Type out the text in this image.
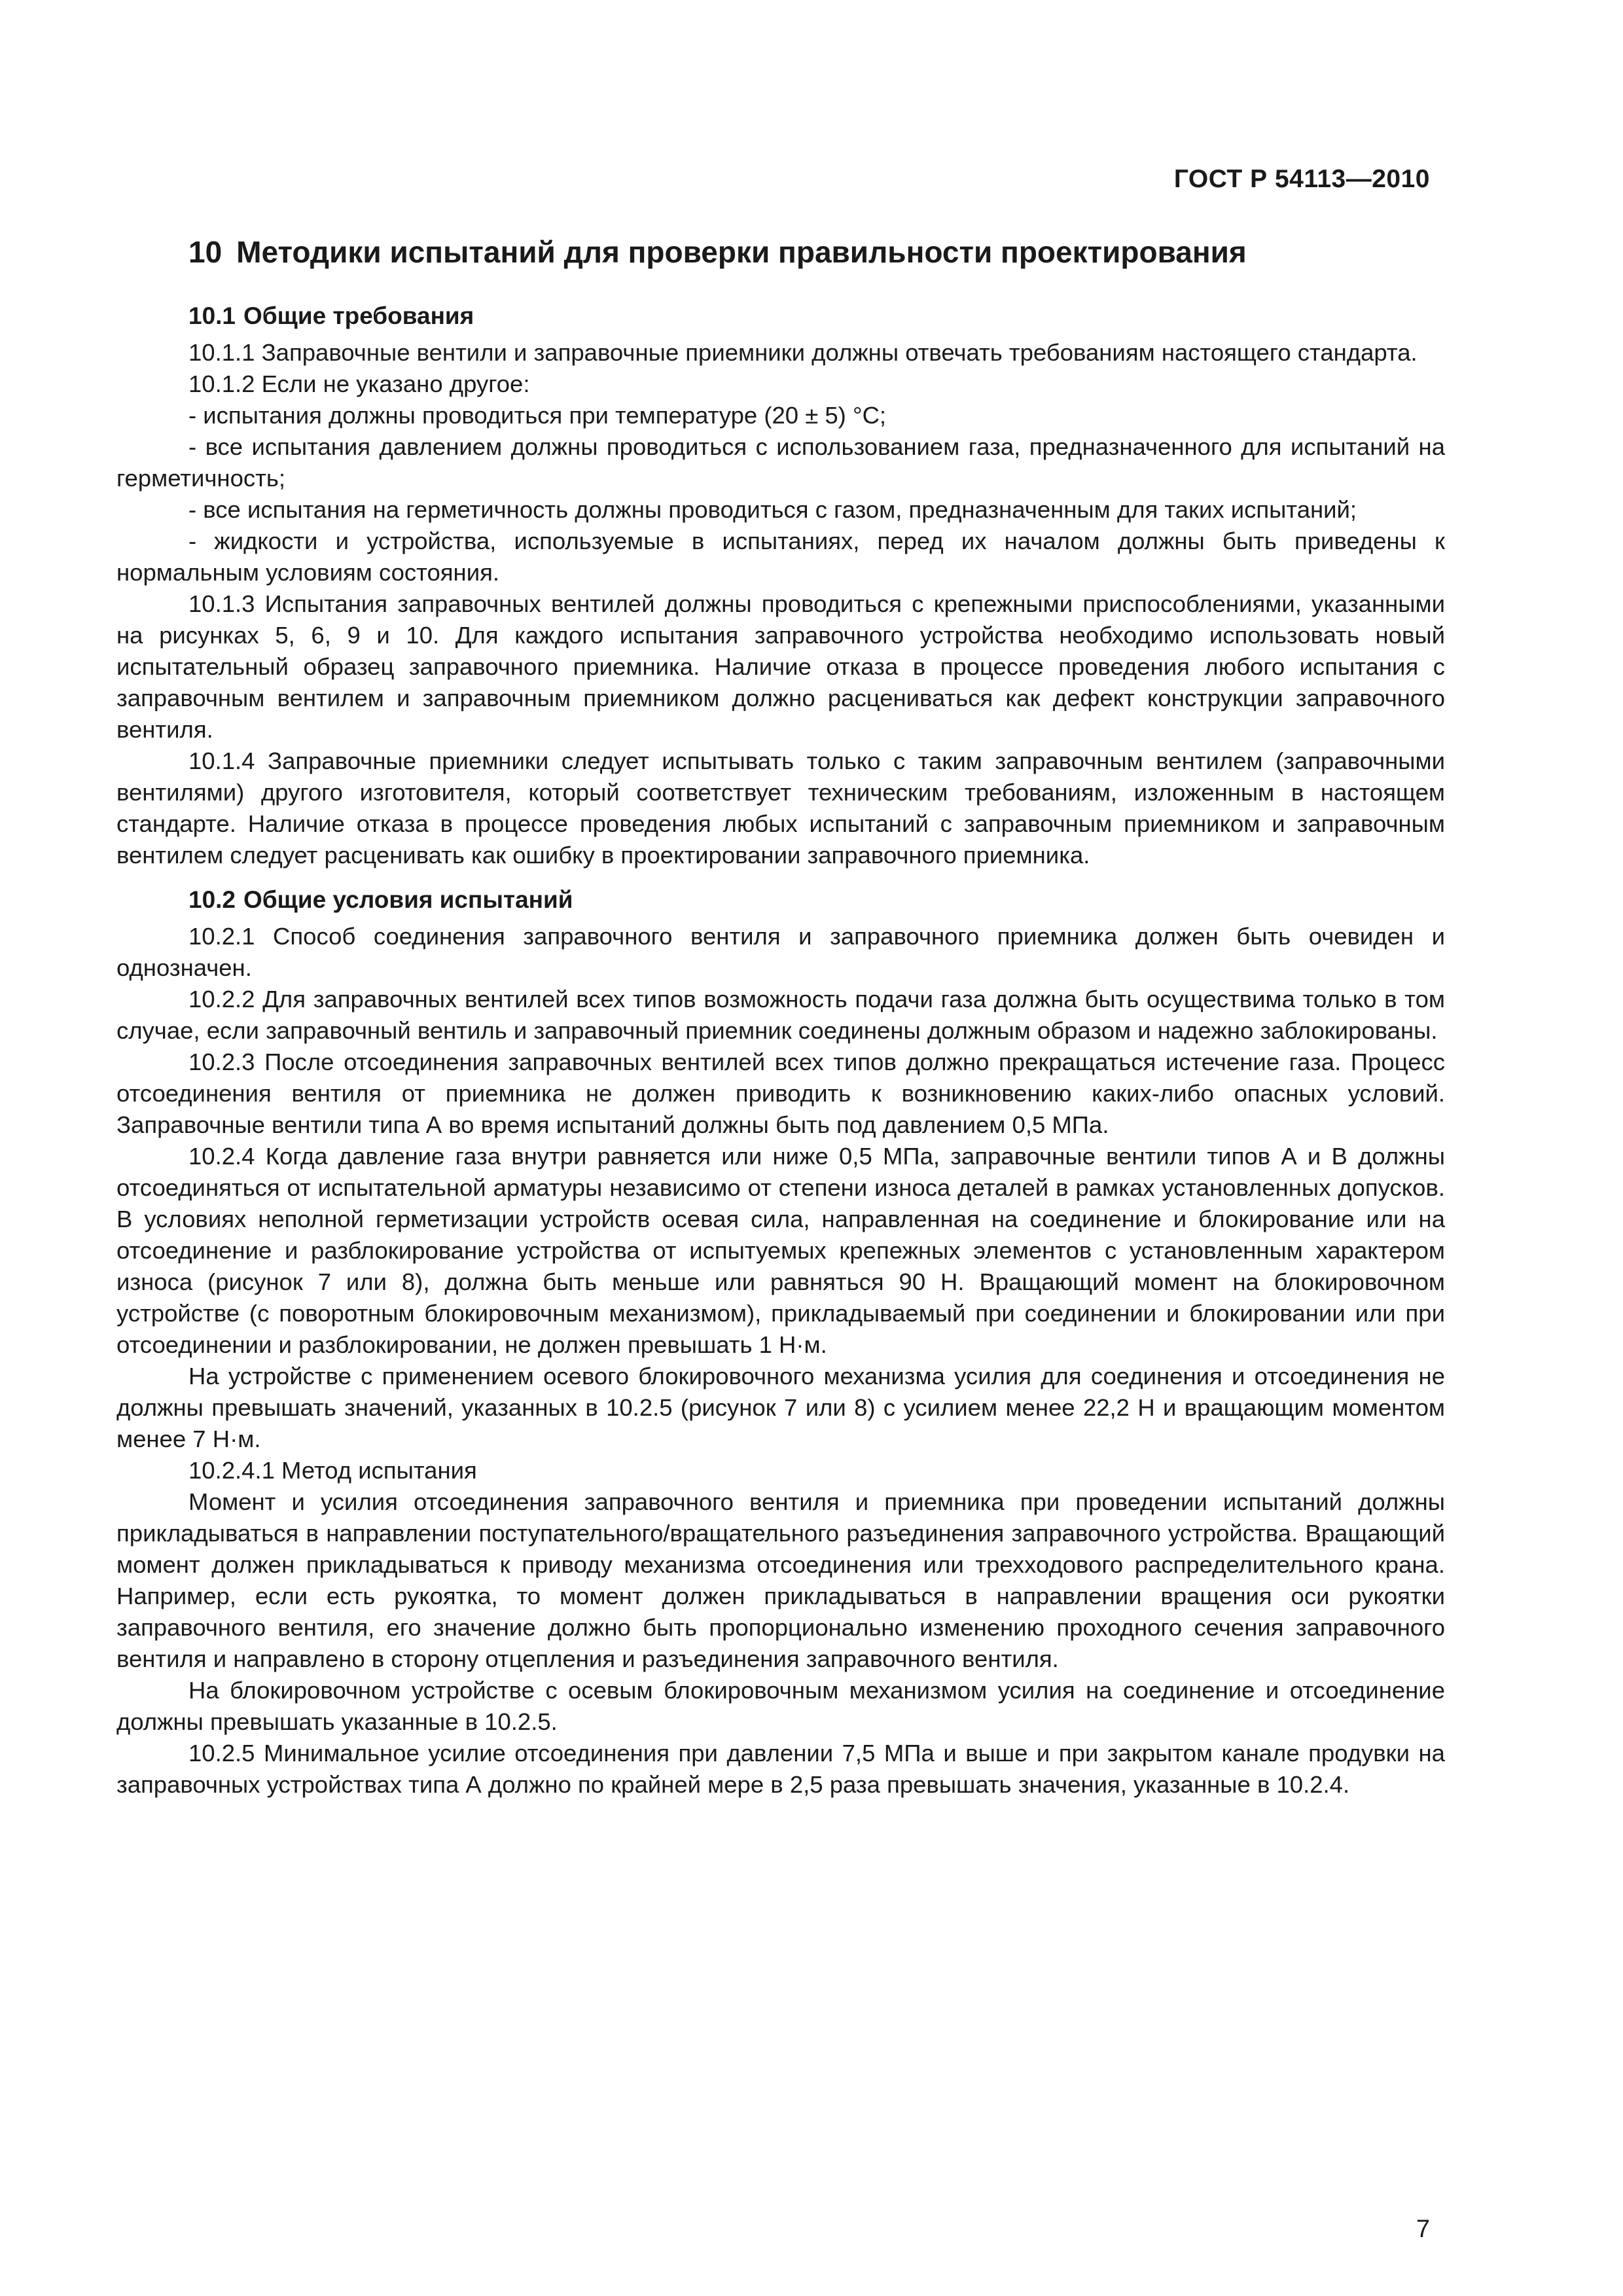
ГОСТ Р 54113—2010
10 Методики испытаний для проверки правильности проектирования
10.1 Общие требования

10.1.1 Заправочные вентили и заправочные приемники должны отвечать требованиям настоящего стандарта.

10.1.2 Если не указано другое:

- испытания должны проводиться при температуре (20 ± 5) °C;

- все испытания давлением должны проводиться с использованием газа, предназначенного для испытаний на герметичность;

- все испытания на герметичность должны проводиться с газом, предназначенным для таких испытаний;

- жидкости и устройства, используемые в испытаниях, перед их началом должны быть приведены к нормальным условиям состояния.

10.1.3 Испытания заправочных вентилей должны проводиться с крепежными приспособлениями, указанными на рисунках 5, 6, 9 и 10. Для каждого испытания заправочного устройства необходимо использовать новый испытательный образец заправочного приемника. Наличие отказа в процессе проведения любого испытания с заправочным вентилем и заправочным приемником должно расцениваться как дефект конструкции заправочного вентиля.

10.1.4 Заправочные приемники следует испытывать только с таким заправочным вентилем (заправочными вентилями) другого изготовителя, который соответствует техническим требованиям, изложенным в настоящем стандарте. Наличие отказа в процессе проведения любых испытаний с заправочным приемником и заправочным вентилем следует расценивать как ошибку в проектировании заправочного приемника.

10.2 Общие условия испытаний

10.2.1 Способ соединения заправочного вентиля и заправочного приемника должен быть очевиден и однозначен.

10.2.2 Для заправочных вентилей всех типов возможность подачи газа должна быть осуществима только в том случае, если заправочный вентиль и заправочный приемник соединены должным образом и надежно заблокированы.

10.2.3 После отсоединения заправочных вентилей всех типов должно прекращаться истечение газа. Процесс отсоединения вентиля от приемника не должен приводить к возникновению каких-либо опасных условий. Заправочные вентили типа А во время испытаний должны быть под давлением 0,5 МПа.

10.2.4 Когда давление газа внутри равняется или ниже 0,5 МПа, заправочные вентили типов А и В должны отсоединяться от испытательной арматуры независимо от степени износа деталей в рамках установленных допусков. В условиях неполной герметизации устройств осевая сила, направленная на соединение и блокирование или на отсоединение и разблокирование устройства от испытуемых крепежных элементов с установленным характером износа (рисунок 7 или 8), должна быть меньше или равняться 90 Н. Вращающий момент на блокировочном устройстве (с поворотным блокировочным механизмом), прикладываемый при соединении и блокировании или при отсоединении и разблокировании, не должен превышать 1 Н·м.

На устройстве с применением осевого блокировочного механизма усилия для соединения и отсоединения не должны превышать значений, указанных в 10.2.5 (рисунок 7 или 8) с усилием менее 22,2 Н и вращающим моментом менее 7 Н·м.

10.2.4.1 Метод испытания

Момент и усилия отсоединения заправочного вентиля и приемника при проведении испытаний должны прикладываться в направлении поступательного/вращательного разъединения заправочного устройства. Вращающий момент должен прикладываться к приводу механизма отсоединения или трехходового распределительного крана. Например, если есть рукоятка, то момент должен прикладываться в направлении вращения оси рукоятки заправочного вентиля, его значение должно быть пропорционально изменению проходного сечения заправочного вентиля и направлено в сторону отцепления и разъединения заправочного вентиля.

На блокировочном устройстве с осевым блокировочным механизмом усилия на соединение и отсоединение должны превышать указанные в 10.2.5.

10.2.5 Минимальное усилие отсоединения при давлении 7,5 МПа и выше и при закрытом канале продувки на заправочных устройствах типа А должно по крайней мере в 2,5 раза превышать значения, указанные в 10.2.4.

7
